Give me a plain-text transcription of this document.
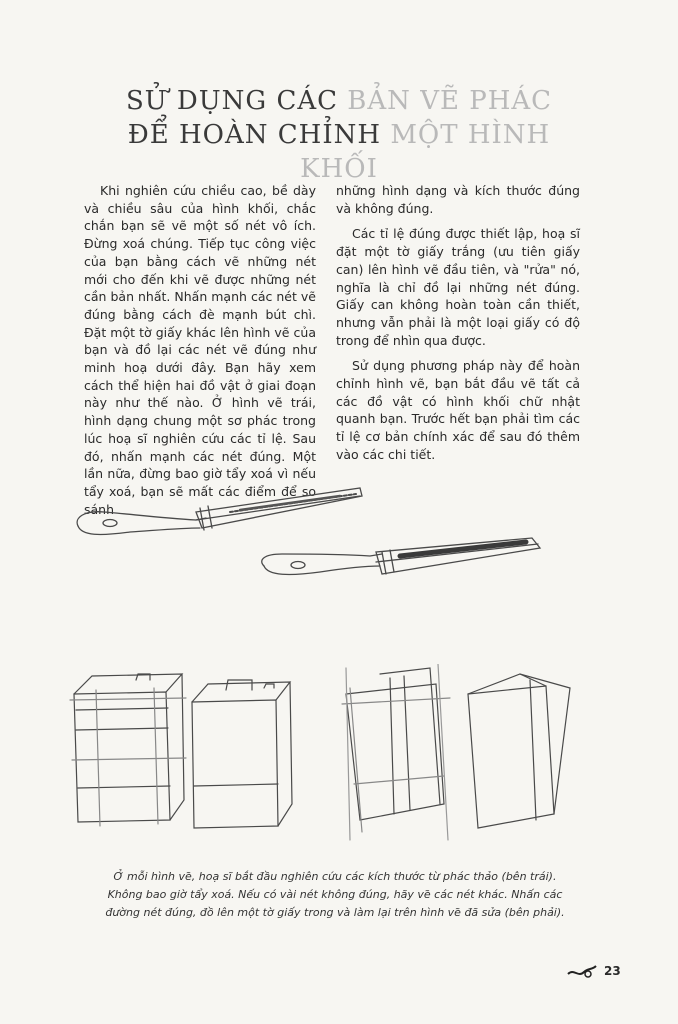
SỬ DỤNG CÁC BẢN VẼ PHÁC
ĐỂ HOÀN CHỈNH MỘT HÌNH KHỐI

Khi nghiên cứu chiều cao, bề dày và chiều sâu của hình khối, chắc chắn bạn sẽ vẽ một số nét vô ích. Đừng xoá chúng. Tiếp tục công việc của bạn bằng cách vẽ những nét mới cho đến khi vẽ được những nét cần bản nhất. Nhấn mạnh các nét vẽ đúng bằng cách đè mạnh bút chì. Đặt một tờ giấy khác lên hình vẽ của bạn và đồ lại các nét vẽ đúng như minh hoạ dưới đây. Bạn hãy xem cách thể hiện hai đồ vật ở giai đoạn này như thế nào. Ở hình vẽ trái, hình dạng chung một sơ phác trong lúc hoạ sĩ nghiên cứu các tỉ lệ. Sau đó, nhấn mạnh các nét đúng. Một lần nữa, đừng bao giờ tẩy xoá vì nếu tẩy xoá, bạn sẽ mất các điểm để so sánh

những hình dạng và kích thước đúng và không đúng.

Các tỉ lệ đúng được thiết lập, hoạ sĩ đặt một tờ giấy trắng (ưu tiên giấy can) lên hình vẽ đầu tiên, và "rửa" nó, nghĩa là chỉ đồ lại những nét đúng. Giấy can không hoàn toàn cần thiết, nhưng vẫn phải là một loại giấy có độ trong để nhìn qua được.

Sử dụng phương pháp này để hoàn chỉnh hình vẽ, bạn bắt đầu vẽ tất cả các đồ vật có hình khối chữ nhật quanh bạn. Trước hết bạn phải tìm các tỉ lệ cơ bản chính xác để sau đó thêm vào các chi tiết.

Ở mỗi hình vẽ, hoạ sĩ bắt đầu nghiên cứu các kích thước từ phác thảo (bên trái). Không bao giờ tẩy xoá. Nếu có vài nét không đúng, hãy vẽ các nét khác. Nhấn các đường nét đúng, đồ lên một tờ giấy trong và làm lại trên hình vẽ đã sửa (bên phải).
23
